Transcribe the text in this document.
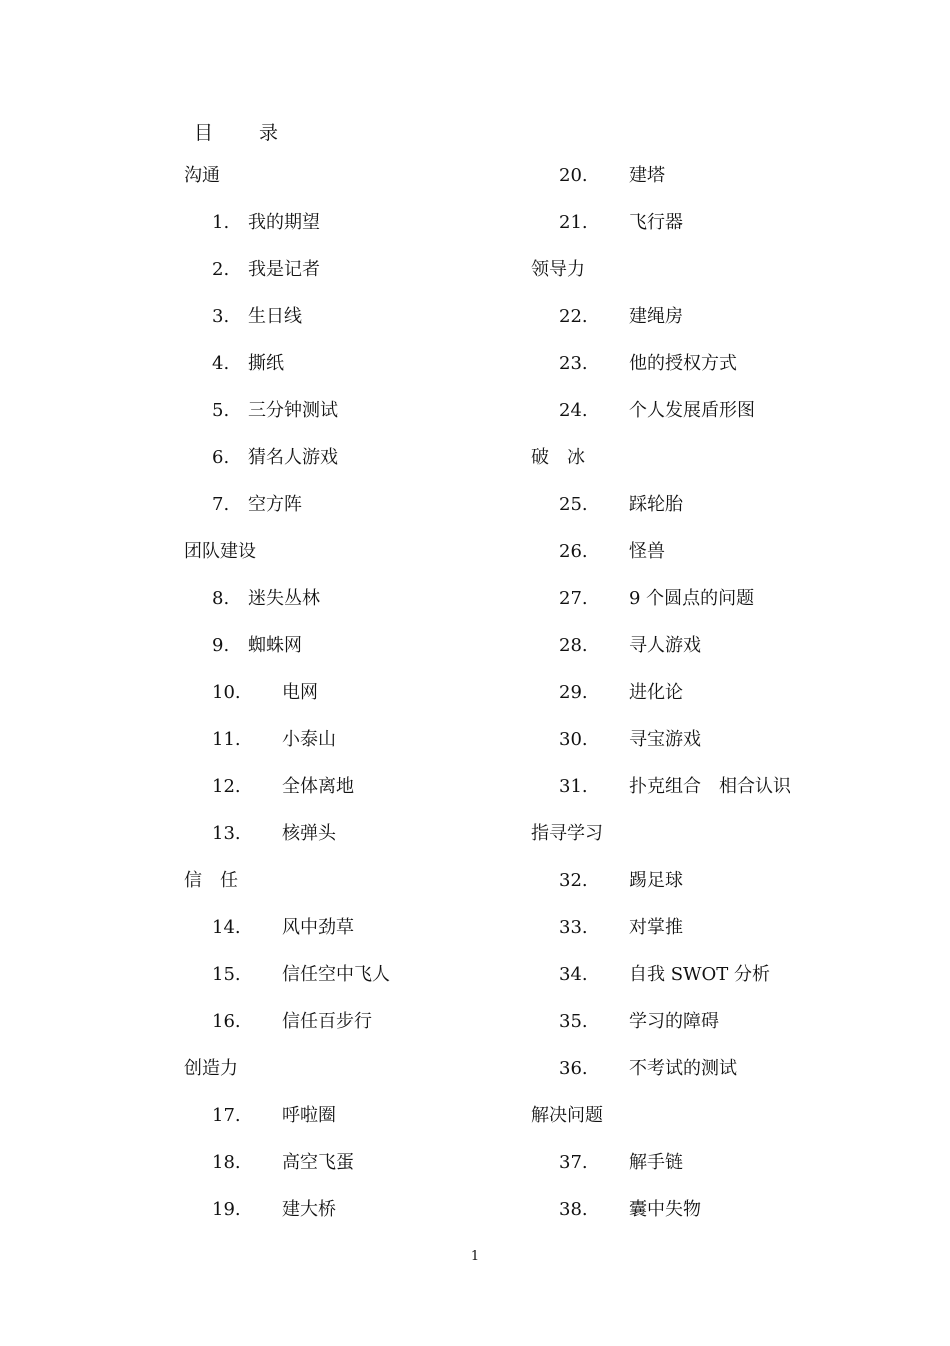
目 录
沟通
1. 我的期望
2. 我是记者
3. 生日线
4. 撕纸
5. 三分钟测试
6. 猜名人游戏
7. 空方阵
团队建设
8. 迷失丛林
9. 蜘蛛网
10. 电网
11. 小泰山
12. 全体离地
13. 核弹头
信　任
14. 风中劲草
15. 信任空中飞人
16. 信任百步行
创造力
17. 呼啦圈
18. 高空飞蛋
19. 建大桥
20. 建塔
21. 飞行器
领导力
22. 建绳房
23. 他的授权方式
24. 个人发展盾形图
破　冰
25. 踩轮胎
26. 怪兽
27. 9 个圆点的问题
28. 寻人游戏
29. 进化论
30. 寻宝游戏
31. 扑克组合　相合认识
指寻学习
32. 踢足球
33. 对掌推
34. 自我 SWOT 分析
35. 学习的障碍
36. 不考试的测试
解决问题
37. 解手链
38. 囊中失物
1
